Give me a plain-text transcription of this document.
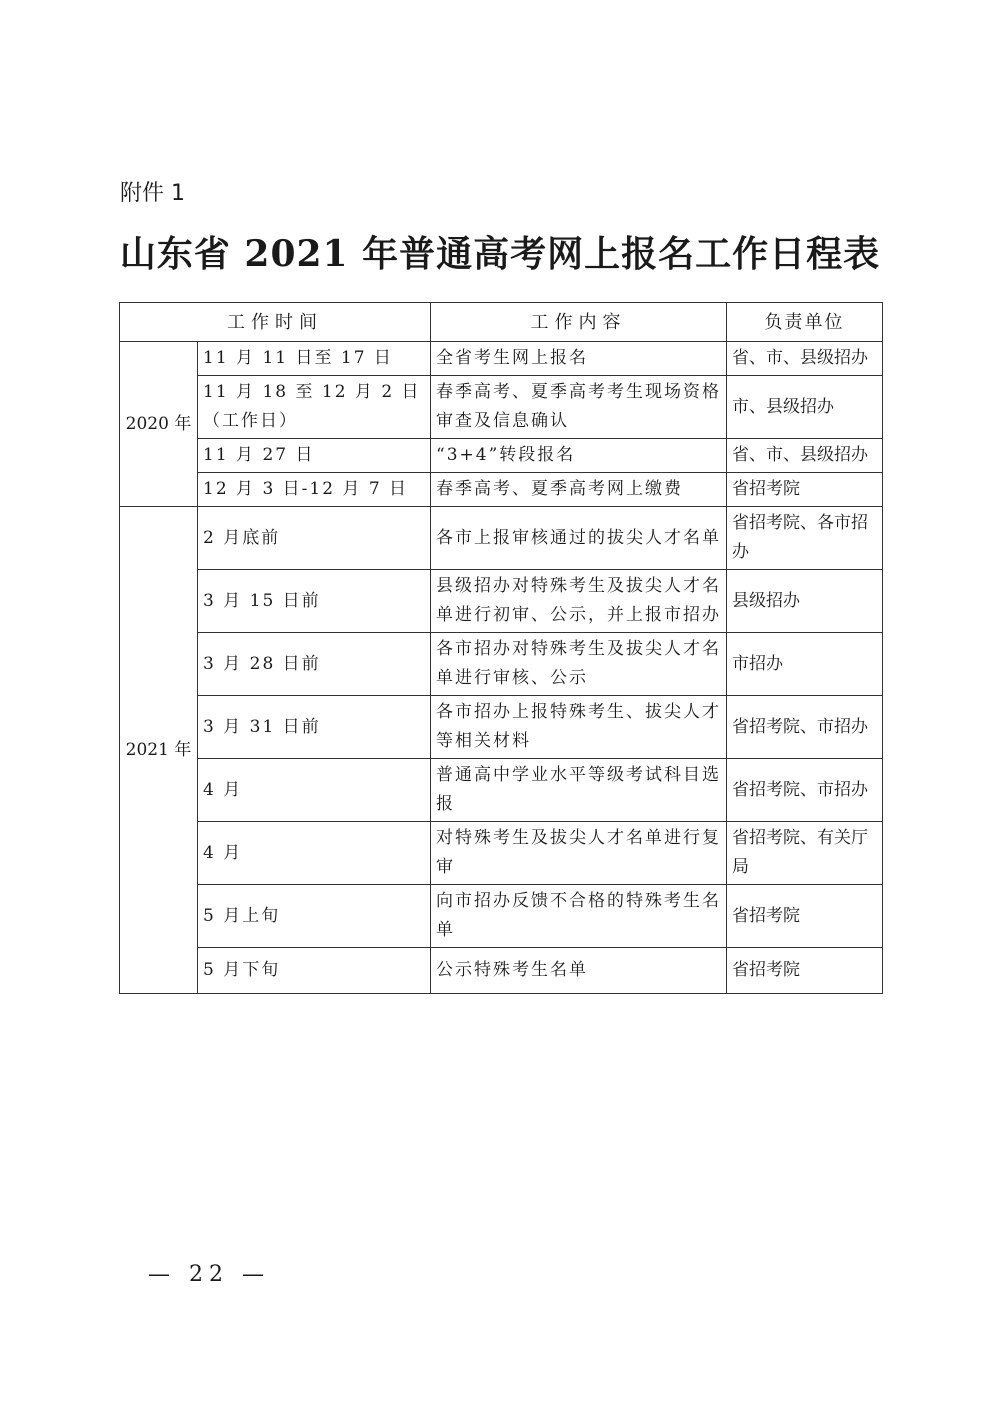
附件 1
山东省 2021 年普通高考网上报名工作日程表
工作时间		工作内容	负责单位
2020 年	11 月 11 日至 17 日	全省考生网上报名	省、市、县级招办
	11 月 18 至 12 月 2 日（工作日）	春季高考、夏季高考考生现场资格审查及信息确认	市、县级招办
	11 月 27 日	“3+4”转段报名	省、市、县级招办
	12 月 3 日-12 月 7 日	春季高考、夏季高考网上缴费	省招考院
2021 年	2 月底前	各市上报审核通过的拔尖人才名单	省招考院、各市招办
	3 月 15 日前	县级招办对特殊考生及拔尖人才名单进行初审、公示，并上报市招办	县级招办
	3 月 28 日前	各市招办对特殊考生及拔尖人才名单进行审核、公示	市招办
	3 月 31 日前	各市招办上报特殊考生、拔尖人才等相关材料	省招考院、市招办
	4 月	普通高中学业水平等级考试科目选报	省招考院、市招办
	4 月	对特殊考生及拔尖人才名单进行复审	省招考院、有关厅局
	5 月上旬	向市招办反馈不合格的特殊考生名单	省招考院
	5 月下旬	公示特殊考生名单	省招考院
— 22 —
